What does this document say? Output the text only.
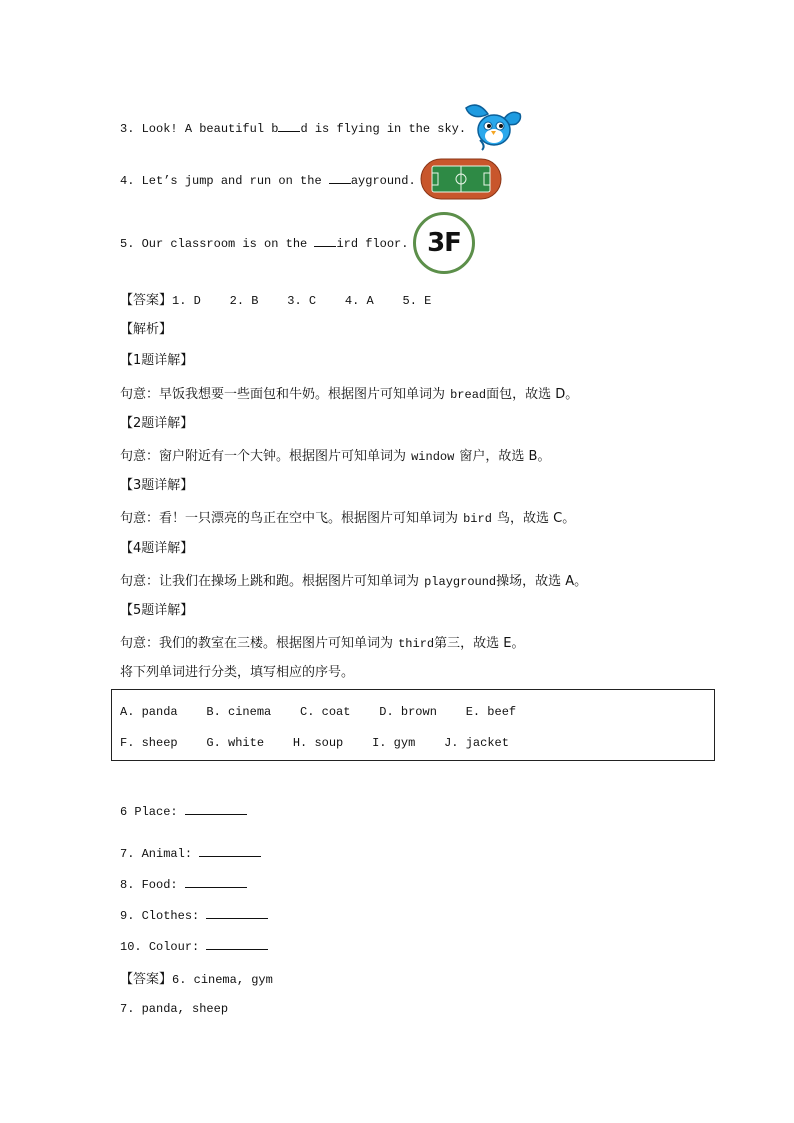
3. Look! A beautiful b d is flying in the sky.
4. Let’s jump and run on the ayground.
5. Our classroom is on the ird floor. 3F
【答案】1. D 2. B 3. C 4. A 5. E
【解析】
【1题详解】
句意：早饭我想要一些面包和牛奶。根据图片可知单词为 bread面包，故选 D。
【2题详解】
句意：窗户附近有一个大钟。根据图片可知单词为 window 窗户，故选 B。
【3题详解】
句意：看！一只漂亮的鸟正在空中飞。根据图片可知单词为 bird 鸟，故选 C。
【4题详解】
句意：让我们在操场上跳和跑。根据图片可知单词为 playground操场，故选 A。
【5题详解】
句意：我们的教室在三楼。根据图片可知单词为 third第三，故选 E。
将下列单词进行分类，填写相应的序号。
A. panda B. cinema C. coat D. brown E. beef
F. sheep G. white H. soup I. gym J. jacket
6 Place:
7. Animal:
8. Food:
9. Clothes:
10. Colour:
【答案】6. cinema, gym
7. panda, sheep
